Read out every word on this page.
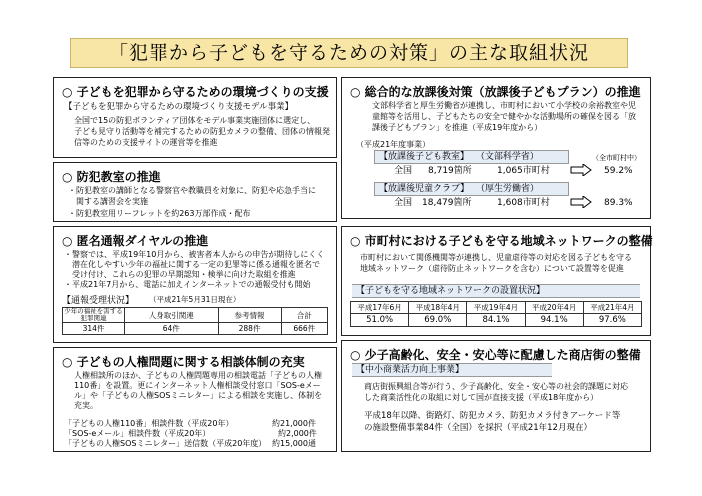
「犯罪から子どもを守るための対策」の主な取組状況
○ 子どもを犯罪から守るための環境づくりの支援
【子どもを犯罪から守るための環境づくり支援モデル事業】
全国で15の防犯ボランティア団体をモデル事業実施団体に選定し、
子ども見守り活動等を補完するための防犯カメラの整備、団体の情報発
信等のための支援サイトの運営等を推進
○ 防犯教室の推進
・防犯教室の講師となる警察官や教職員を対象に、防犯や応急手当に
　関する講習会を実施
・防犯教室用リーフレットを約263万部作成・配布
○ 匿名通報ダイヤルの推進
・警察では、平成19年10月から、被害者本人からの申告が期待しにくく
　潜在化しやすい少年の福祉に関する一定の犯罪等に係る通報を匿名で
　受け付け、これらの犯罪の早期認知・検挙に向けた取組を推進
・平成21年7月から、電話に加えインターネットでの通報受付も開始
【通報受理状況】 （平成21年5月31日現在）
少年の福祉を害する犯罪関連	人身取引関連	参考情報	合計
314件	64件	288件	666件
○ 子どもの人権問題に関する相談体制の充実
人権相談所のほか、子どもの人権問題専用の相談電話「子どもの人権
110番」を設置。更にインターネット人権相談受付窓口「SOS-eメー
ル」や「子どもの人権SOSミニレター」による相談を実施し、体制を
充実。
「子どもの人権110番」相談件数（平成20年）	約21,000件
「SOS-eメール」相談件数（平成20年）	約2,000件
「子どもの人権SOSミニレター」送信数（平成20年度） 約15,000通
○ 総合的な放課後対策（放課後子どもプラン）の推進
文部科学省と厚生労働省が連携し、市町村において小学校の余裕教室や児
童館等を活用し、子どもたちの安全で健やかな活動場所の確保を図る「放
課後子どもプラン」を推進（平成19年度から）
（平成21年度事業）
【放課後子ども教室】 （文部科学省）	（全市町村中）
全国 8,719箇所	1,065市町村	59.2%
【放課後児童クラブ】 （厚生労働省）
全国 18,479箇所	1,608市町村	89.3%
○ 市町村における子どもを守る地域ネットワークの整備
市町村において関係機関等が連携し、児童虐待等の対応を図る子どもを守る
地域ネットワーク（虐待防止ネットワークを含む）について設置等を促進
【子どもを守る地域ネットワークの設置状況】
平成17年6月	平成18年4月	平成19年4月	平成20年4月	平成21年4月
51.0%	69.0%	84.1%	94.1%	97.6%
○ 少子高齢化、安全・安心等に配慮した商店街の整備
【中小商業活力向上事業】
商店街振興組合等が行う、少子高齢化、安全・安心等の社会的課題に対応
した商業活性化の取組に対して国が直接支援（平成18年度から）
平成18年以降、街路灯、防犯カメラ、防犯カメラ付きアーケード等
の施設整備事業84件（全国）を採択（平成21年12月現在）
